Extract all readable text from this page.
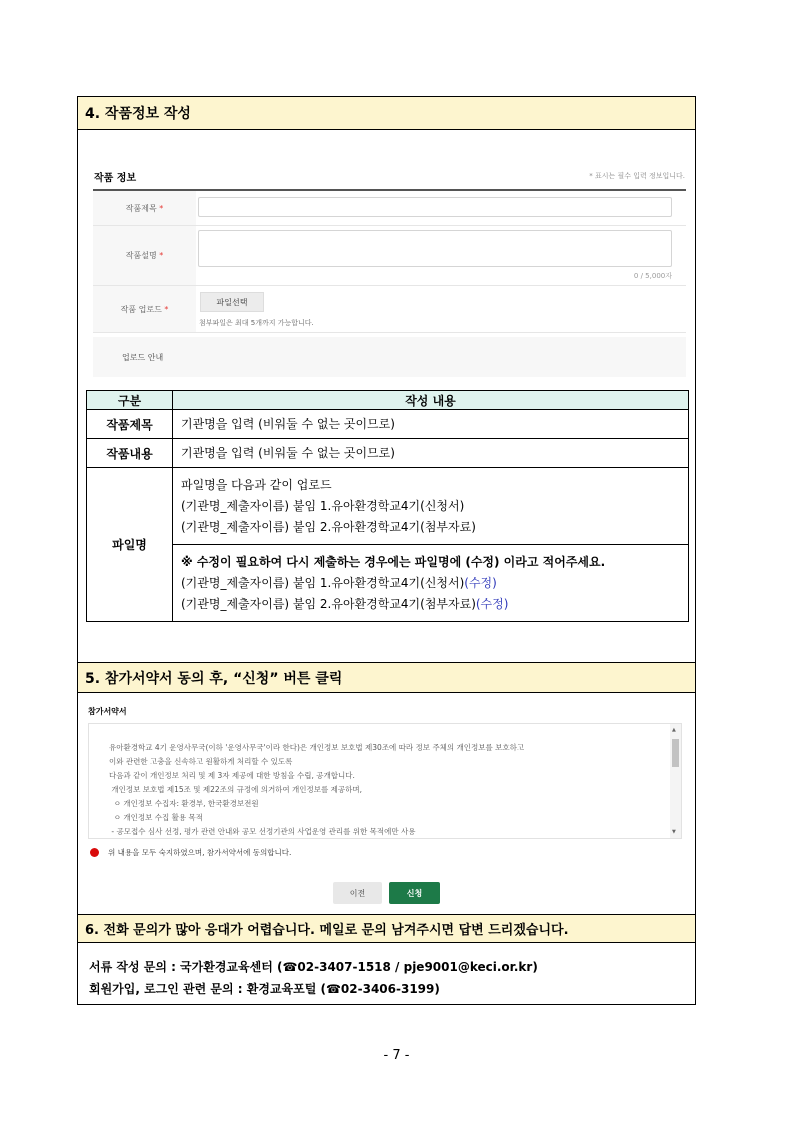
4. 작품정보 작성
작품 정보	* 표시는 필수 입력 정보입니다.
작품제목
*
작품설명
*
0 / 5,000자
작품 업로드
*
파일선택
첨부파일은 최대 5개까지 가능합니다.
업로드 안내
구분	작성 내용
작품제목	기관명을 입력 (비워둘 수 없는 곳이므로)
작품내용	기관명을 입력 (비워둘 수 없는 곳이므로)
파일명	파일명을 다음과 같이 업로드
(기관명_제출자이름) 붙임 1.유아환경학교4기(신청서)
(기관명_제출자이름) 붙임 2.유아환경학교4기(첨부자료)

	※ 수정이 필요하여 다시 제출하는 경우에는 파일명에 (수정) 이라고 적어주세요.
(기관명_제출자이름) 붙임 1.유아환경학교4기(신청서)(수정)
(기관명_제출자이름) 붙임 2.유아환경학교4기(첨부자료)(수정)
5. 참가서약서 동의 후, “신청” 버튼 클릭
참가서약서
유아환경학교 4기 운영사무국(이하 '운영사무국'이라 한다)은 개인정보 보호법 제30조에 따라 정보 주체의 개인정보를 보호하고
이와 관련한 고충을 신속하고 원활하게 처리할 수 있도록
다음과 같이 개인정보 처리 및 제 3자 제공에 대한 방침을 수립, 공개합니다.
개인정보 보호법 제15조 및 제22조의 규정에 의거하여 개인정보를 제공하며,
ㅇ 개인정보 수집자: 환경부, 한국환경보전원
ㅇ 개인정보 수집 활용 목적
- 공모접수 심사 선정, 평가 관련 안내와 공모 선정기관의 사업운영 관리를 위한 목적에만 사용
▲
▼
위 내용을 모두 숙지하였으며, 참가서약서에 동의합니다.
이전	신청
6. 전화 문의가 많아 응대가 어렵습니다. 메일로 문의 남겨주시면 답변 드리겠습니다.
서류 작성 문의 : 국가환경교육센터 (☎02-3407-1518 / pje9001@keci.or.kr)
회원가입, 로그인 관련 문의 : 환경교육포털 (☎02-3406-3199)
- 7 -
